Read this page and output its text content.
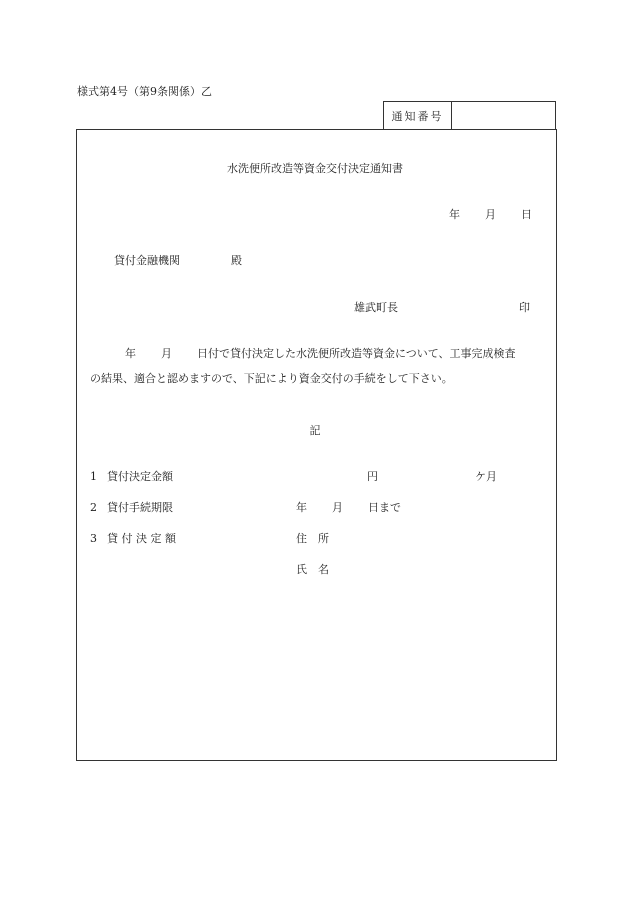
様式第4号（第9条関係）乙
通知番号
水洗便所改造等資金交付決定通知書
年 月 日
貸付金融機関	殿
雄武町長	印
年 月 日付で貸付決定した水洗便所改造等資金について、工事完成検査
の結果、適合と認めますので、下記により資金交付の手続をして下さい。
記
1 貸付決定金額	円	ケ月
2 貸付手続期限	年 月 日まで
3 貸 付 決 定 額	住　所
氏　名
